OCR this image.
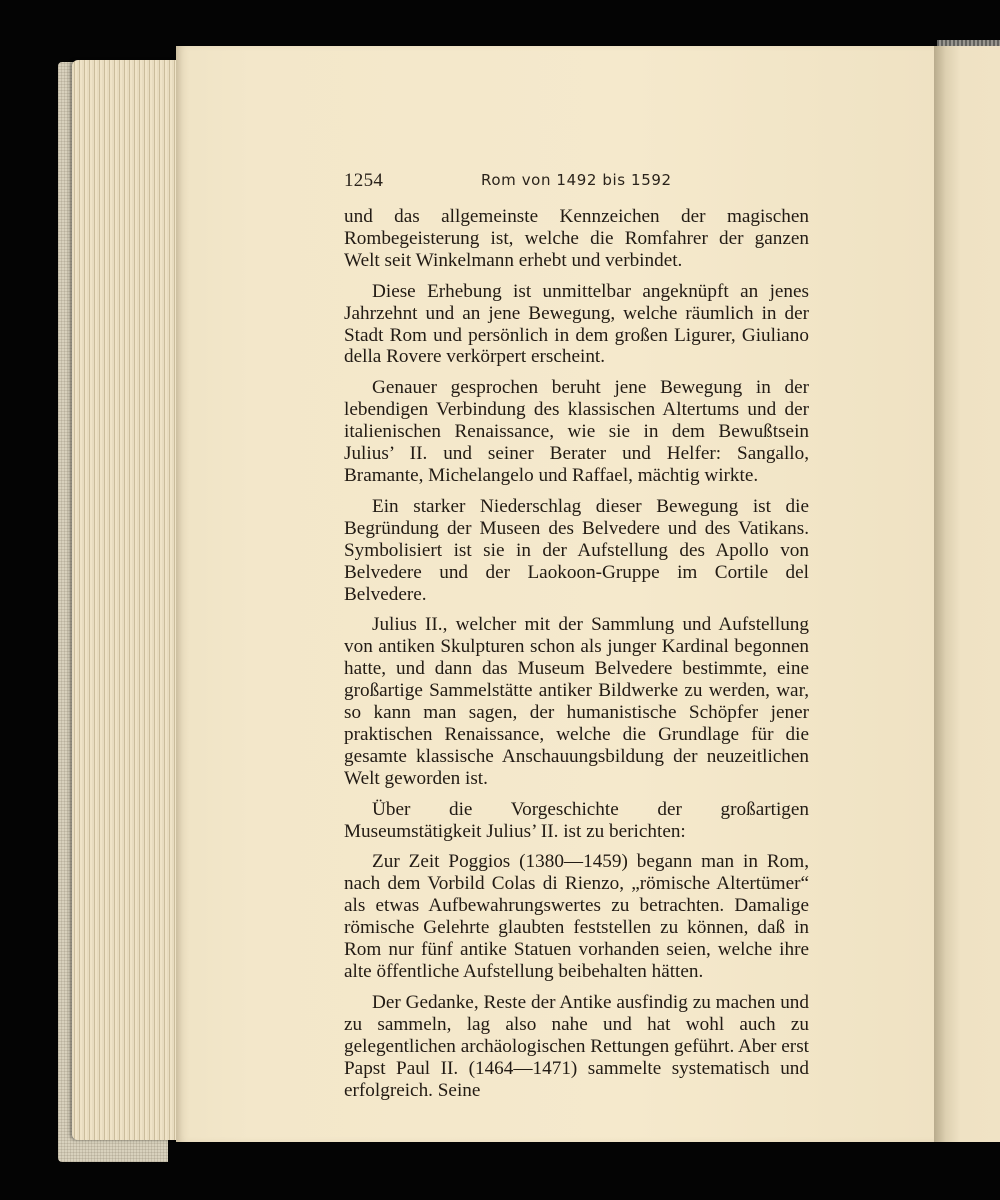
1254	Rom von 1492 bis 1592

und das allgemeinste Kennzeichen der magischen Rombegeisterung ist, welche die Romfahrer der ganzen Welt seit Winkelmann erhebt und verbindet.

Diese Erhebung ist unmittelbar angeknüpft an jenes Jahrzehnt und an jene Bewegung, welche räumlich in der Stadt Rom und persönlich in dem großen Ligurer, Giuliano della Rovere verkörpert erscheint.

Genauer gesprochen beruht jene Bewegung in der lebendigen Verbindung des klassischen Altertums und der italienischen Renaissance, wie sie in dem Bewußtsein Julius’ II. und seiner Berater und Helfer: Sangallo, Bramante, Michelangelo und Raffael, mächtig wirkte.

Ein starker Niederschlag dieser Bewegung ist die Begründung der Museen des Belvedere und des Vatikans. Symbolisiert ist sie in der Aufstellung des Apollo von Belvedere und der Laokoon-Gruppe im Cortile del Belvedere.

Julius II., welcher mit der Sammlung und Aufstellung von antiken Skulpturen schon als junger Kardinal begonnen hatte, und dann das Museum Belvedere bestimmte, eine großartige Sammelstätte antiker Bildwerke zu werden, war, so kann man sagen, der humanistische Schöpfer jener praktischen Renaissance, welche die Grundlage für die gesamte klassische Anschauungsbildung der neuzeitlichen Welt geworden ist.

Über die Vorgeschichte der großartigen Museumstätigkeit Julius’ II. ist zu berichten:

Zur Zeit Poggios (1380—1459) begann man in Rom, nach dem Vorbild Colas di Rienzo, „römische Altertümer“ als etwas Aufbewahrungswertes zu betrachten. Damalige römische Gelehrte glaubten feststellen zu können, daß in Rom nur fünf antike Statuen vorhanden seien, welche ihre alte öffentliche Aufstellung beibehalten hätten.

Der Gedanke, Reste der Antike ausfindig zu machen und zu sammeln, lag also nahe und hat wohl auch zu gelegentlichen archäologischen Rettungen geführt. Aber erst Papst Paul II. (1464—1471) sammelte systematisch und erfolgreich. Seine
